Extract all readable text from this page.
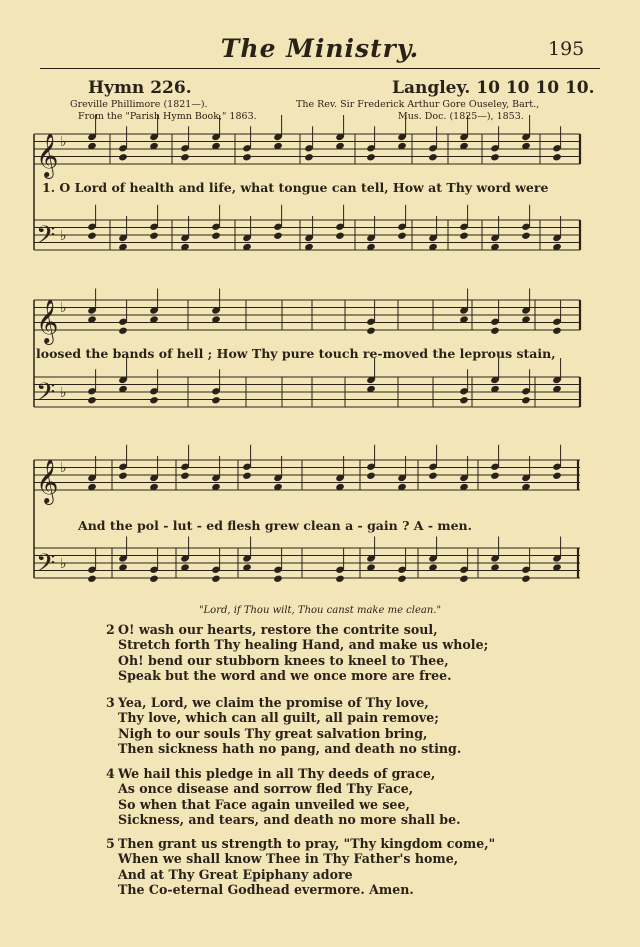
The Ministry.	195
Hymn 226.	Langley. 10 10 10 10.
Greville Phillimore (1821—).
From the "Parish Hymn Book," 1863.
The Rev. Sir Frederick Arthur Gore Ouseley, Bart.,
Mus. Doc. (1825—), 1853.
𝄞 ♭
𝄢 ♭
𝄞 ♭
𝄢 ♭
𝄞 ♭
𝄢 ♭
1. O Lord of health and life, what tongue can tell, How at Thy word were
loosed the bands of hell ; How Thy pure touch re-moved the leprous stain,
And the pol - lut - ed flesh grew clean a - gain ? A - men.
"Lord, if Thou wilt, Thou canst make me clean."
2 O! wash our hearts, restore the contrite soul,
Stretch forth Thy healing Hand, and make us whole;
Oh! bend our stubborn knees to kneel to Thee,
Speak but the word and we once more are free.
3 Yea, Lord, we claim the promise of Thy love,
Thy love, which can all guilt, all pain remove;
Nigh to our souls Thy great salvation bring,
Then sickness hath no pang, and death no sting.
4 We hail this pledge in all Thy deeds of grace,
As once disease and sorrow fled Thy Face,
So when that Face again unveiled we see,
Sickness, and tears, and death no more shall be.
5 Then grant us strength to pray, "Thy kingdom come,"
When we shall know Thee in Thy Father's home,
And at Thy Great Epiphany adore
The Co-eternal Godhead evermore. Amen.
